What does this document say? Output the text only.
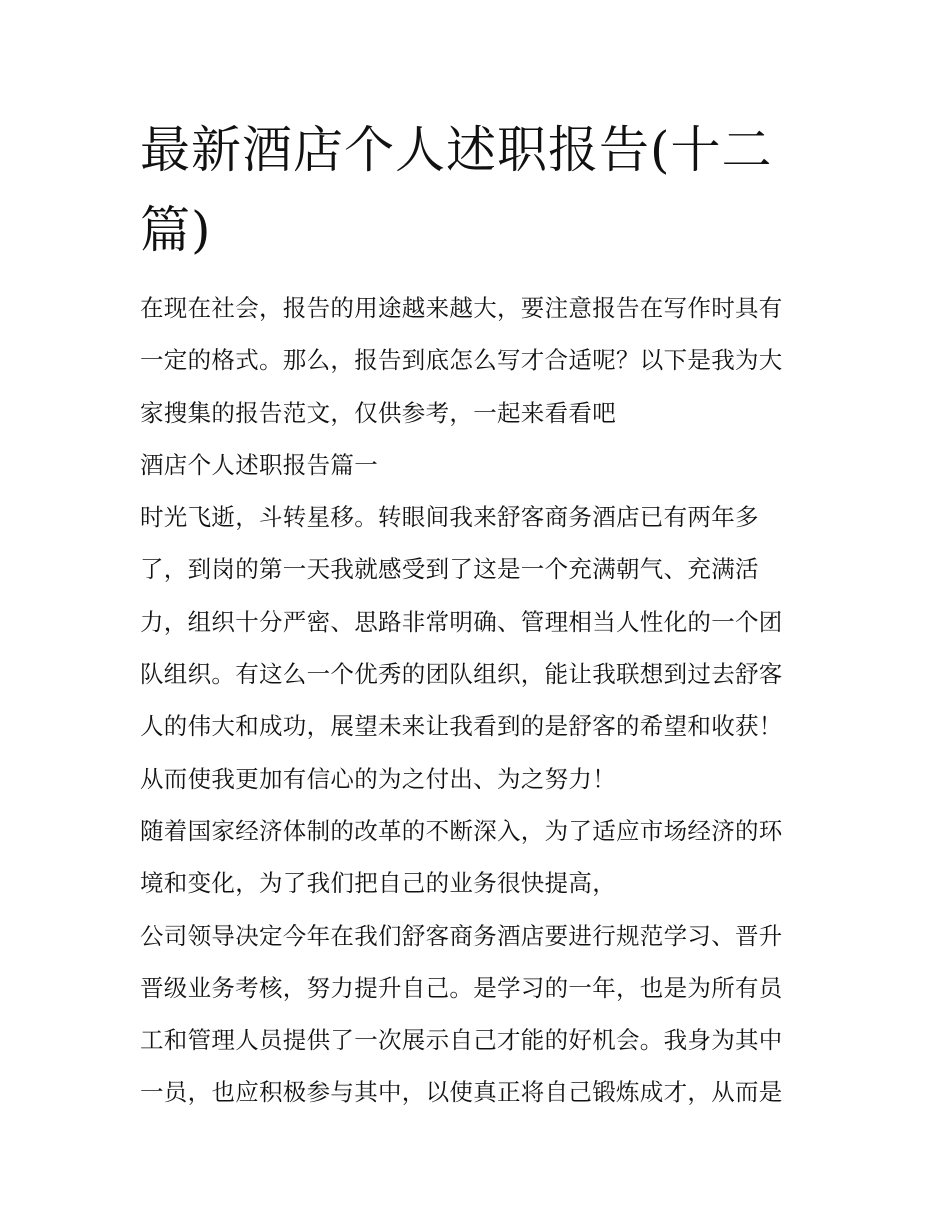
最新酒店个人述职报告(十二篇)
在现在社会，报告的用途越来越大，要注意报告在写作时具有
一定的格式。那么，报告到底怎么写才合适呢？以下是我为大
家搜集的报告范文，仅供参考，一起来看看吧
酒店个人述职报告篇一
时光飞逝，斗转星移。转眼间我来舒客商务酒店已有两年多
了，到岗的第一天我就感受到了这是一个充满朝气、充满活
力，组织十分严密、思路非常明确、管理相当人性化的一个团
队组织。有这么一个优秀的团队组织，能让我联想到过去舒客
人的伟大和成功，展望未来让我看到的是舒客的希望和收获！
从而使我更加有信心的为之付出、为之努力！
随着国家经济体制的改革的不断深入，为了适应市场经济的环
境和变化，为了我们把自己的业务很快提高，
公司领导决定今年在我们舒客商务酒店要进行规范学习、晋升
晋级业务考核，努力提升自己。是学习的一年，也是为所有员
工和管理人员提供了一次展示自己才能的好机会。我身为其中
一员，也应积极参与其中，以使真正将自己锻炼成才，从而是
